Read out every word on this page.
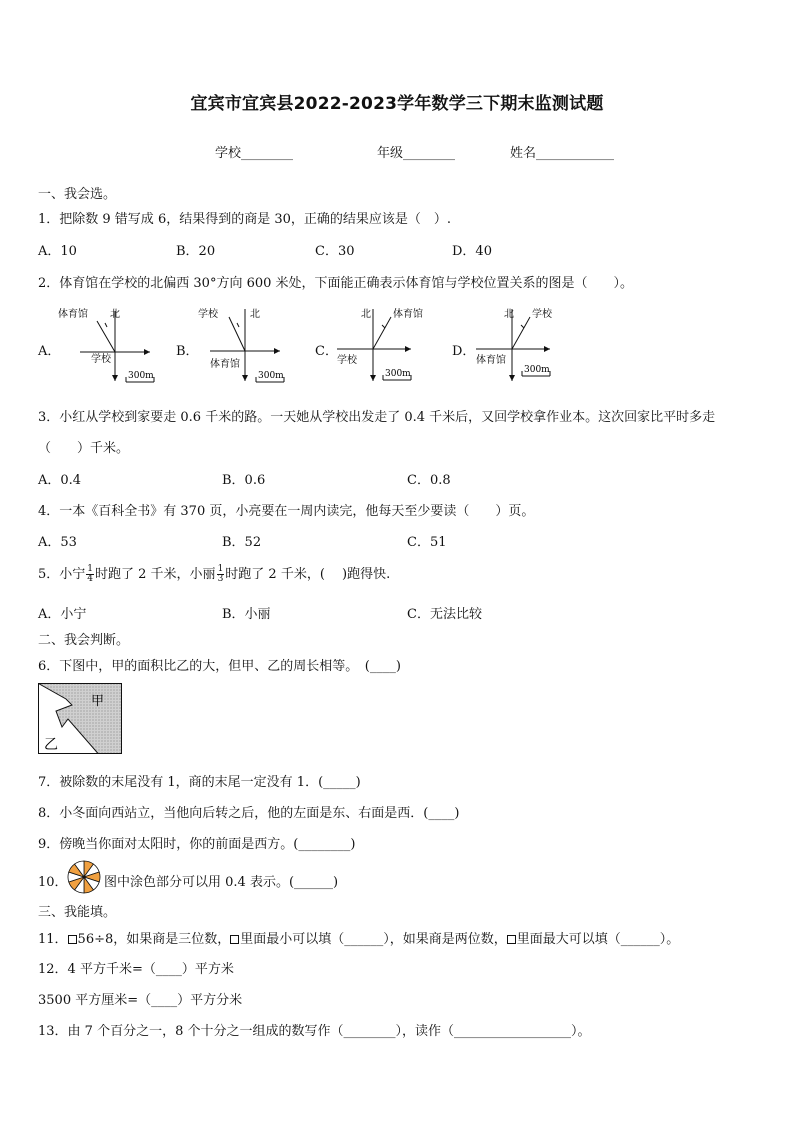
宜宾市宜宾县2022-2023学年数学三下期末监测试题
学校________	年级________	姓名____________
一、我会选。
1．把除数 9 错写成 6，结果得到的商是 30，正确的结果应该是（　）.
A．10	B．20	C．30	D．40
2．体育馆在学校的北偏西 30°方向 600 米处，下面能正确表示体育馆与学校位置关系的图是（　　）。
A．	B．	C．	D．
体育馆 北
学校
300m
学校	北
体育馆
300m
北 体育馆
学校
300m
北 学校
体育馆
300m
3．小红从学校到家要走 0.6 千米的路。一天她从学校出发走了 0.4 千米后，又回学校拿作业本。这次回家比平时多走
（　　）千米。
A．0.4	B．0.6	C．0.8
4．一本《百科全书》有 370 页，小亮要在一周内读完，他每天至少要读（　　）页。
A．53	B．52	C．51
5．小宁 $\frac{1}{4}$ 时跑了 2 千米，小丽 $\frac{1}{3}$ 时跑了 2 千米，(　 )跑得快.
A．小宁	B．小丽	C．无法比较
二、我会判断。
6．下图中，甲的面积比乙的大，但甲、乙的周长相等。　(____)
甲
乙
7．被除数的末尾没有 1，商的末尾一定没有 1．(_____)
8．小冬面向西站立，当他向后转之后，他的左面是东、右面是西．(____)
9．傍晚当你面对太阳时，你的前面是西方。(________)
10．	图中涂色部分可以用 0.4 表示。(______)
三、我能填。
11． 56÷8，如果商是三位数， 里面最小可以填（______），如果商是两位数， 里面最大可以填（______）。
12．4 平方千米=（____）平方米
3500 平方厘米=（____）平方分米
13．由 7 个百分之一，8 个十分之一组成的数写作（________），读作（__________________）。
